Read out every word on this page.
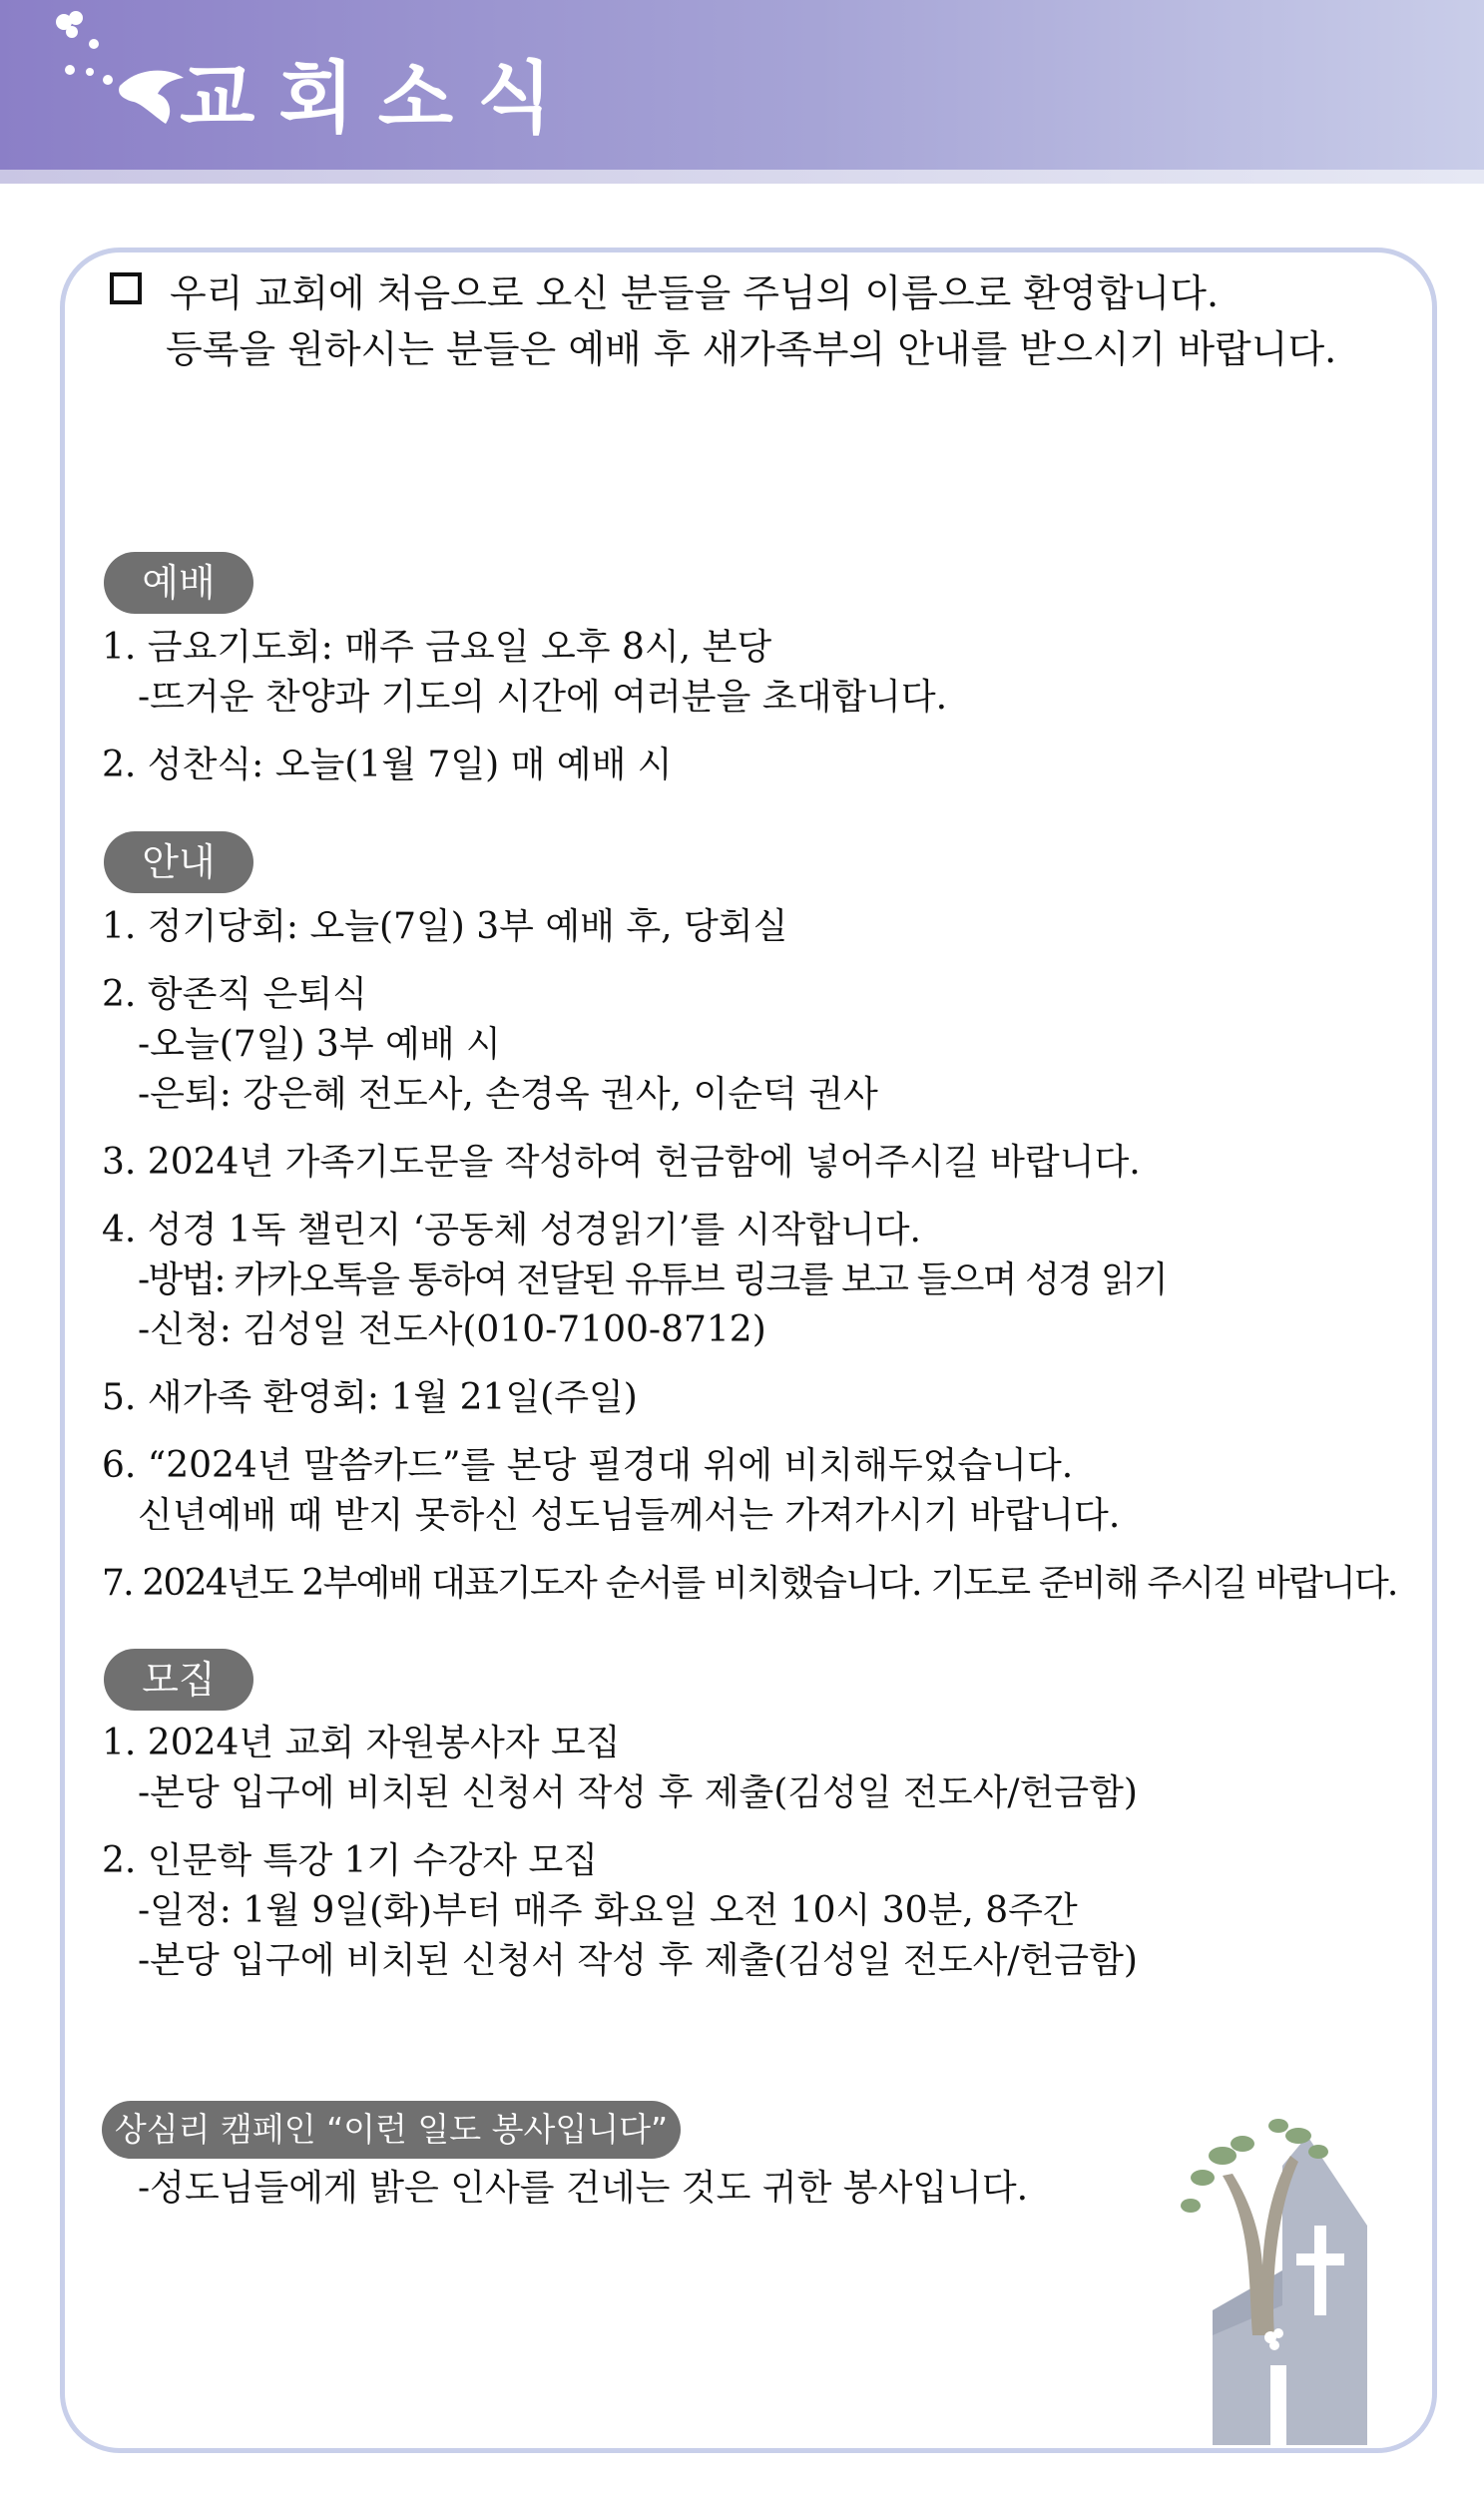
교회소식
우리 교회에 처음으로 오신 분들을 주님의 이름으로 환영합니다.
등록을 원하시는 분들은 예배 후 새가족부의 안내를 받으시기 바랍니다.
예배
1. 금요기도회: 매주 금요일 오후 8시, 본당
-뜨거운 찬양과 기도의 시간에 여러분을 초대합니다.
2. 성찬식: 오늘(1월 7일) 매 예배 시
안내
1. 정기당회: 오늘(7일) 3부 예배 후, 당회실
2. 항존직 은퇴식
-오늘(7일) 3부 예배 시
-은퇴: 강은혜 전도사, 손경옥 권사, 이순덕 권사
3. 2024년 가족기도문을 작성하여 헌금함에 넣어주시길 바랍니다.
4. 성경 1독 챌린지 ‘공동체 성경읽기’를 시작합니다.
-방법: 카카오톡을 통하여 전달된 유튜브 링크를 보고 들으며 성경 읽기
-신청: 김성일 전도사(010-7100-8712)
5. 새가족 환영회: 1월 21일(주일)
6. “2024년 말씀카드”를 본당 필경대 위에 비치해두었습니다.
신년예배 때 받지 못하신 성도님들께서는 가져가시기 바랍니다.
7. 2024년도 2부예배 대표기도자 순서를 비치했습니다. 기도로 준비해 주시길 바랍니다.
모집
1. 2024년 교회 자원봉사자 모집
-본당 입구에 비치된 신청서 작성 후 제출(김성일 전도사/헌금함)
2. 인문학 특강 1기 수강자 모집
-일정: 1월 9일(화)부터 매주 화요일 오전 10시 30분, 8주간
-본당 입구에 비치된 신청서 작성 후 제출(김성일 전도사/헌금함)
상심리 캠페인 “이런 일도 봉사입니다”
-성도님들에게 밝은 인사를 건네는 것도 귀한 봉사입니다.
